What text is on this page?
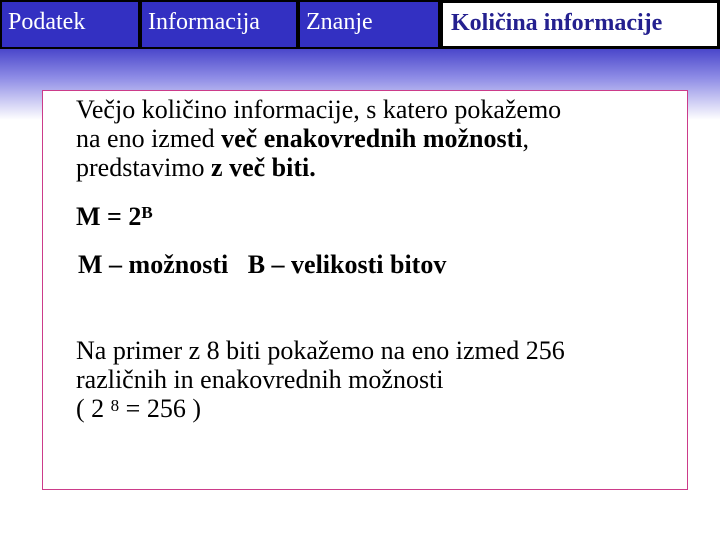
Podatek	Informacija	Znanje	Količina informacije
Večjo količino informacije, s katero pokažemo
na eno izmed več enakovrednih možnosti,
predstavimo z več biti.
$M = 2^B$
M – možnosti   B – velikosti bitov
Na primer z 8 biti pokažemo na eno izmed 256
različnih in enakovrednih možnosti
( 2 $^8$ = 256 )
